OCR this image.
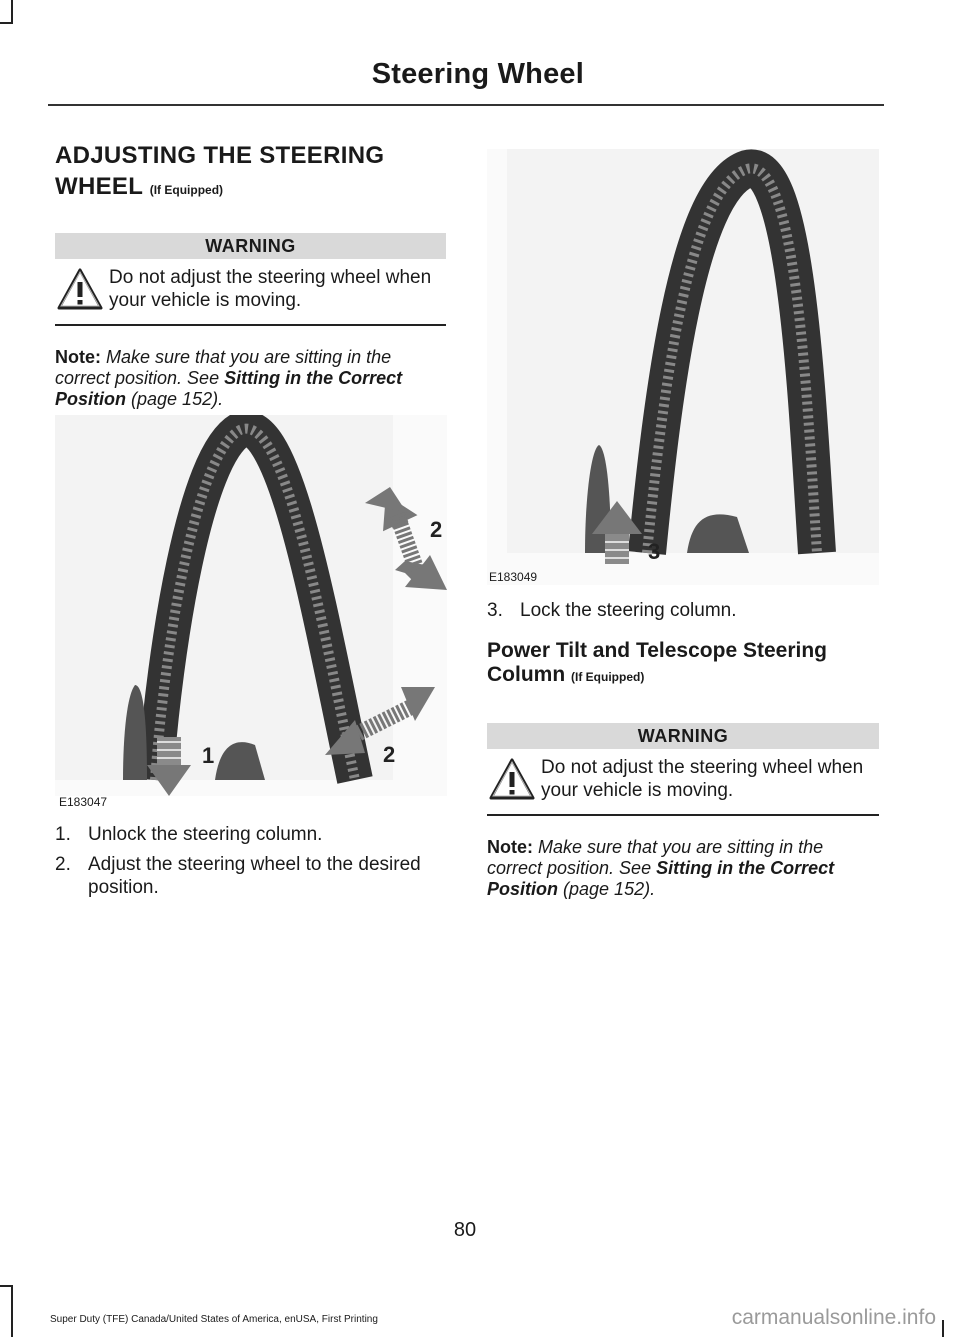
Steering Wheel
ADJUSTING THE STEERING WHEEL (If Equipped)
WARNING
Do not adjust the steering wheel when your vehicle is moving.

Note: Make sure that you are sitting in the correct position. See Sitting in the Correct Position (page 152).

2
2
1
E183047
1. Unlock the steering column.
2. Adjust the steering wheel to the desired position.
3
E183049
3. Lock the steering column.
Power Tilt and Telescope Steering Column (If Equipped)
WARNING
Do not adjust the steering wheel when your vehicle is moving.

Note: Make sure that you are sitting in the correct position. See Sitting in the Correct Position (page 152).

80
Super Duty (TFE) Canada/United States of America, enUSA, First Printing	carmanualsonline.info
